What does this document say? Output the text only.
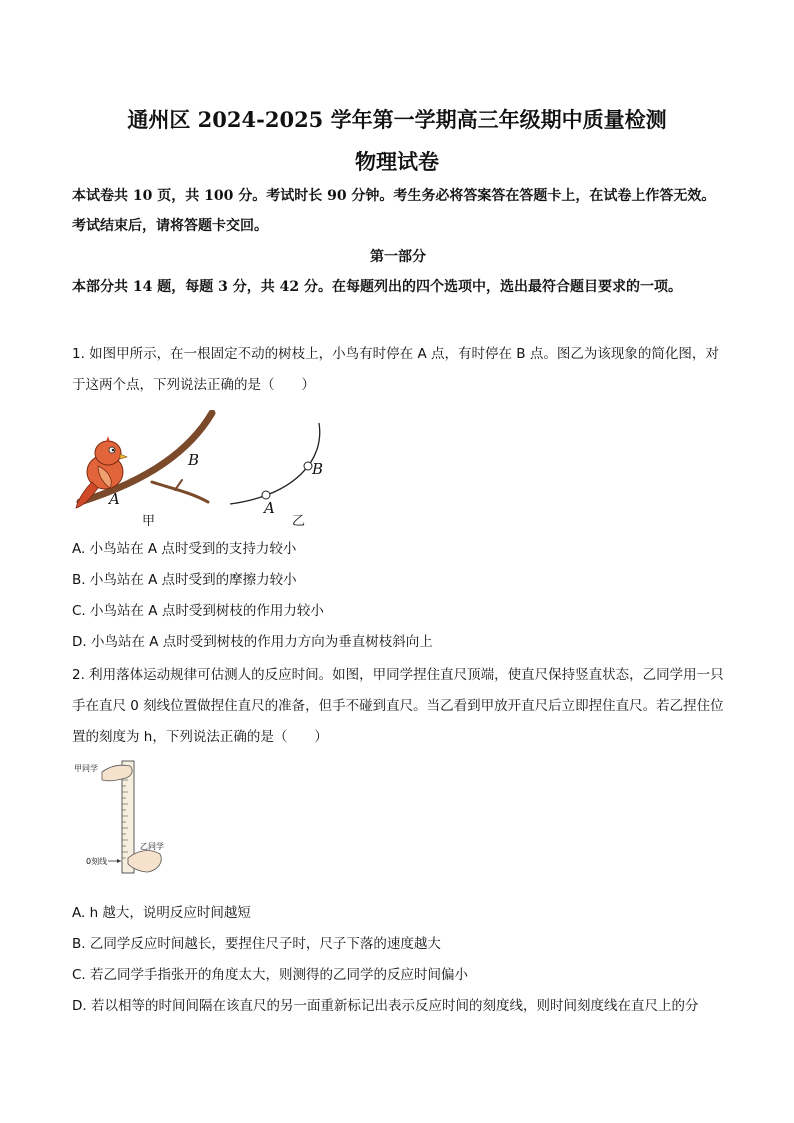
通州区 2024-2025 学年第一学期高三年级期中质量检测
物理试卷
本试卷共 10 页，共 100 分。考试时长 90 分钟。考生务必将答案答在答题卡上，在试卷上作答无效。考试结束后，请将答题卡交回。
第一部分
本部分共 14 题，每题 3 分，共 42 分。在每题列出的四个选项中，选出最符合题目要求的一项。
1. 如图甲所示，在一根固定不动的树枝上，小鸟有时停在 A 点，有时停在 B 点。图乙为该现象的简化图，对于这两个点，下列说法正确的是（　　）
B
A
甲
B
A
乙
A. 小鸟站在 A 点时受到的支持力较小
B. 小鸟站在 A 点时受到的摩擦力较小
C. 小鸟站在 A 点时受到树枝的作用力较小
D. 小鸟站在 A 点时受到树枝的作用力方向为垂直树枝斜向上
2. 利用落体运动规律可估测人的反应时间。如图，甲同学捏住直尺顶端，使直尺保持竖直状态，乙同学用一只手在直尺 0 刻线位置做捏住直尺的准备，但手不碰到直尺。当乙看到甲放开直尺后立即捏住直尺。若乙捏住位置的刻度为 h，下列说法正确的是（　　）
甲同学
乙同学
0刻线
A. h 越大，说明反应时间越短
B. 乙同学反应时间越长，要捏住尺子时，尺子下落的速度越大
C. 若乙同学手指张开的角度太大，则测得的乙同学的反应时间偏小
D. 若以相等的时间间隔在该直尺的另一面重新标记出表示反应时间的刻度线，则时间刻度线在直尺上的分
